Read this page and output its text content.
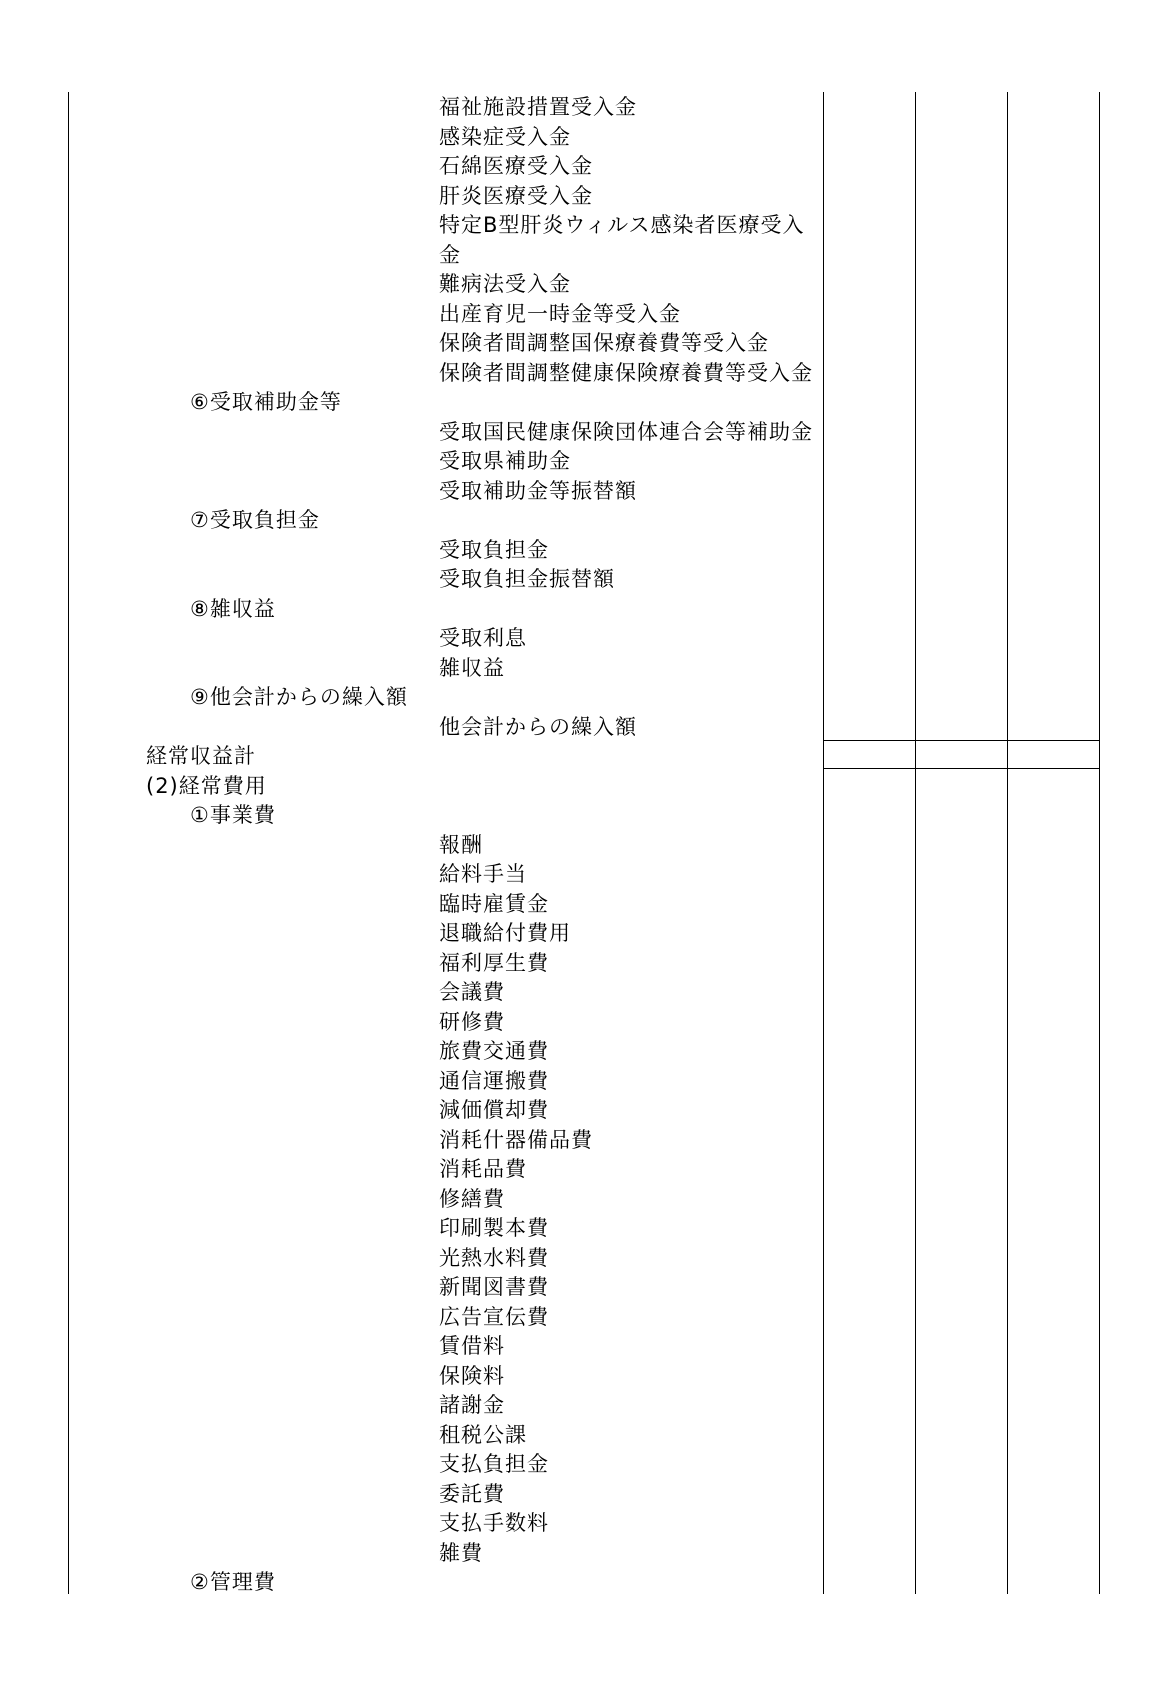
福祉施設措置受入金
感染症受入金
石綿医療受入金
肝炎医療受入金
特定B型肝炎ウィルス感染者医療受入
金
難病法受入金
出産育児一時金等受入金
保険者間調整国保療養費等受入金
保険者間調整健康保険療養費等受入金
⑥受取補助金等
受取国民健康保険団体連合会等補助金
受取県補助金
受取補助金等振替額
⑦受取負担金
受取負担金
受取負担金振替額
⑧雑収益
受取利息
雑収益
⑨他会計からの繰入額
他会計からの繰入額
経常収益計
(2)経常費用
①事業費
報酬
給料手当
臨時雇賃金
退職給付費用
福利厚生費
会議費
研修費
旅費交通費
通信運搬費
減価償却費
消耗什器備品費
消耗品費
修繕費
印刷製本費
光熱水料費
新聞図書費
広告宣伝費
賃借料
保険料
諸謝金
租税公課
支払負担金
委託費
支払手数料
雑費
②管理費
